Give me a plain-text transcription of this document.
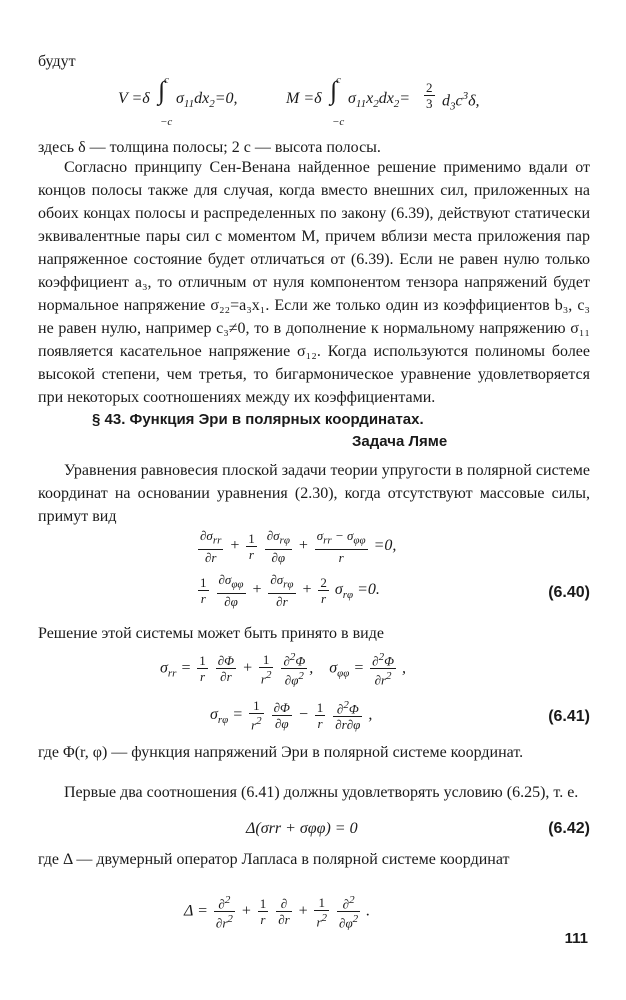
будут
V =δ ∫
c
−c
$\sigma_{11}dx_2=0$,	M =δ ∫
c
−c
$\sigma_{11}x_2dx_2= \frac{2}{3} d_3c^3\delta$,
здесь δ — толщина полосы; 2 c — высота полосы.
Согласно принципу Сен-Венана найденное решение применимо вдали от концов полосы также для случая, когда вместо внешних сил, приложенных на обоих концах полосы и распределенных по закону (6.39), действуют статически эквивалентные пары сил с моментом M, причем вблизи места приложения пар напряженное состояние будет отличаться от (6.39). Если не равен нулю только коэффициент a₃, то отличным от нуля компонентом тензора напряжений будет нормальное напряжение σ₂₂=a₃x₁. Если же только один из коэффициентов b₃, c₃ не равен нулю, например c₃≠0, то в дополнение к нормальному напряжению σ₁₁ появляется касательное напряжение σ₁₂. Когда используются полиномы более высокой степени, чем третья, то бигармоническое уравнение удовлетворяется при некоторых соотношениях между их коэффициентами.
§ 43. Функция Эри в полярных координатах.
Задача Ляме
Уравнения равновесия плоской задачи теории упругости в полярной системе координат на основании уравнения (2.30), когда отсутствуют массовые силы, примут вид
$\frac{\partial\sigma_{rr}}{\partial r} + \frac{1}{r}$
$\frac{\partial\sigma_{r\varphi}}{\partial\varphi} + \frac{\sigma_{rr} - \sigma_{\varphi\varphi}}{r} =0$,
$\frac{1}{r}$
$\frac{\partial\sigma_{\varphi\varphi}}{\partial\varphi} + \frac{\partial\sigma_{r\varphi}}{\partial r} + \frac{2}{r} \sigma_{r\varphi} =0$.	(6.40)
Решение этой системы может быть принято в виде
$\sigma_{rr} = \frac{1}{r}$
$\frac{\partial\Phi}{\partial r} + \frac{1}{r^2}$
$\frac{\partial^2\Phi}{\partial\varphi^2}$ ,    $\sigma_{\varphi\varphi} = \frac{\partial^2\Phi}{\partial r^2}$ ,
$\sigma_{r\varphi} = \frac{1}{r^2}$
$\frac{\partial\Phi}{\partial\varphi} - \frac{1}{r}$
$\frac{\partial^2\Phi}{\partial r\partial\varphi}$ ,	(6.41)
где Φ(r, φ) — функция напряжений Эри в полярной системе координат.
Первые два соотношения (6.41) должны удовлетворять условию (6.25), т. е.
Δ(σrr + σφφ) = 0	(6.42)
где Δ — двумерный оператор Лапласа в полярной системе координат
$\Delta = \frac{\partial^2}{\partial r^2} + \frac{1}{r}$
$\frac{\partial}{\partial r} + \frac{1}{r^2}$
$\frac{\partial^2}{\partial\varphi^2}$ .
111
